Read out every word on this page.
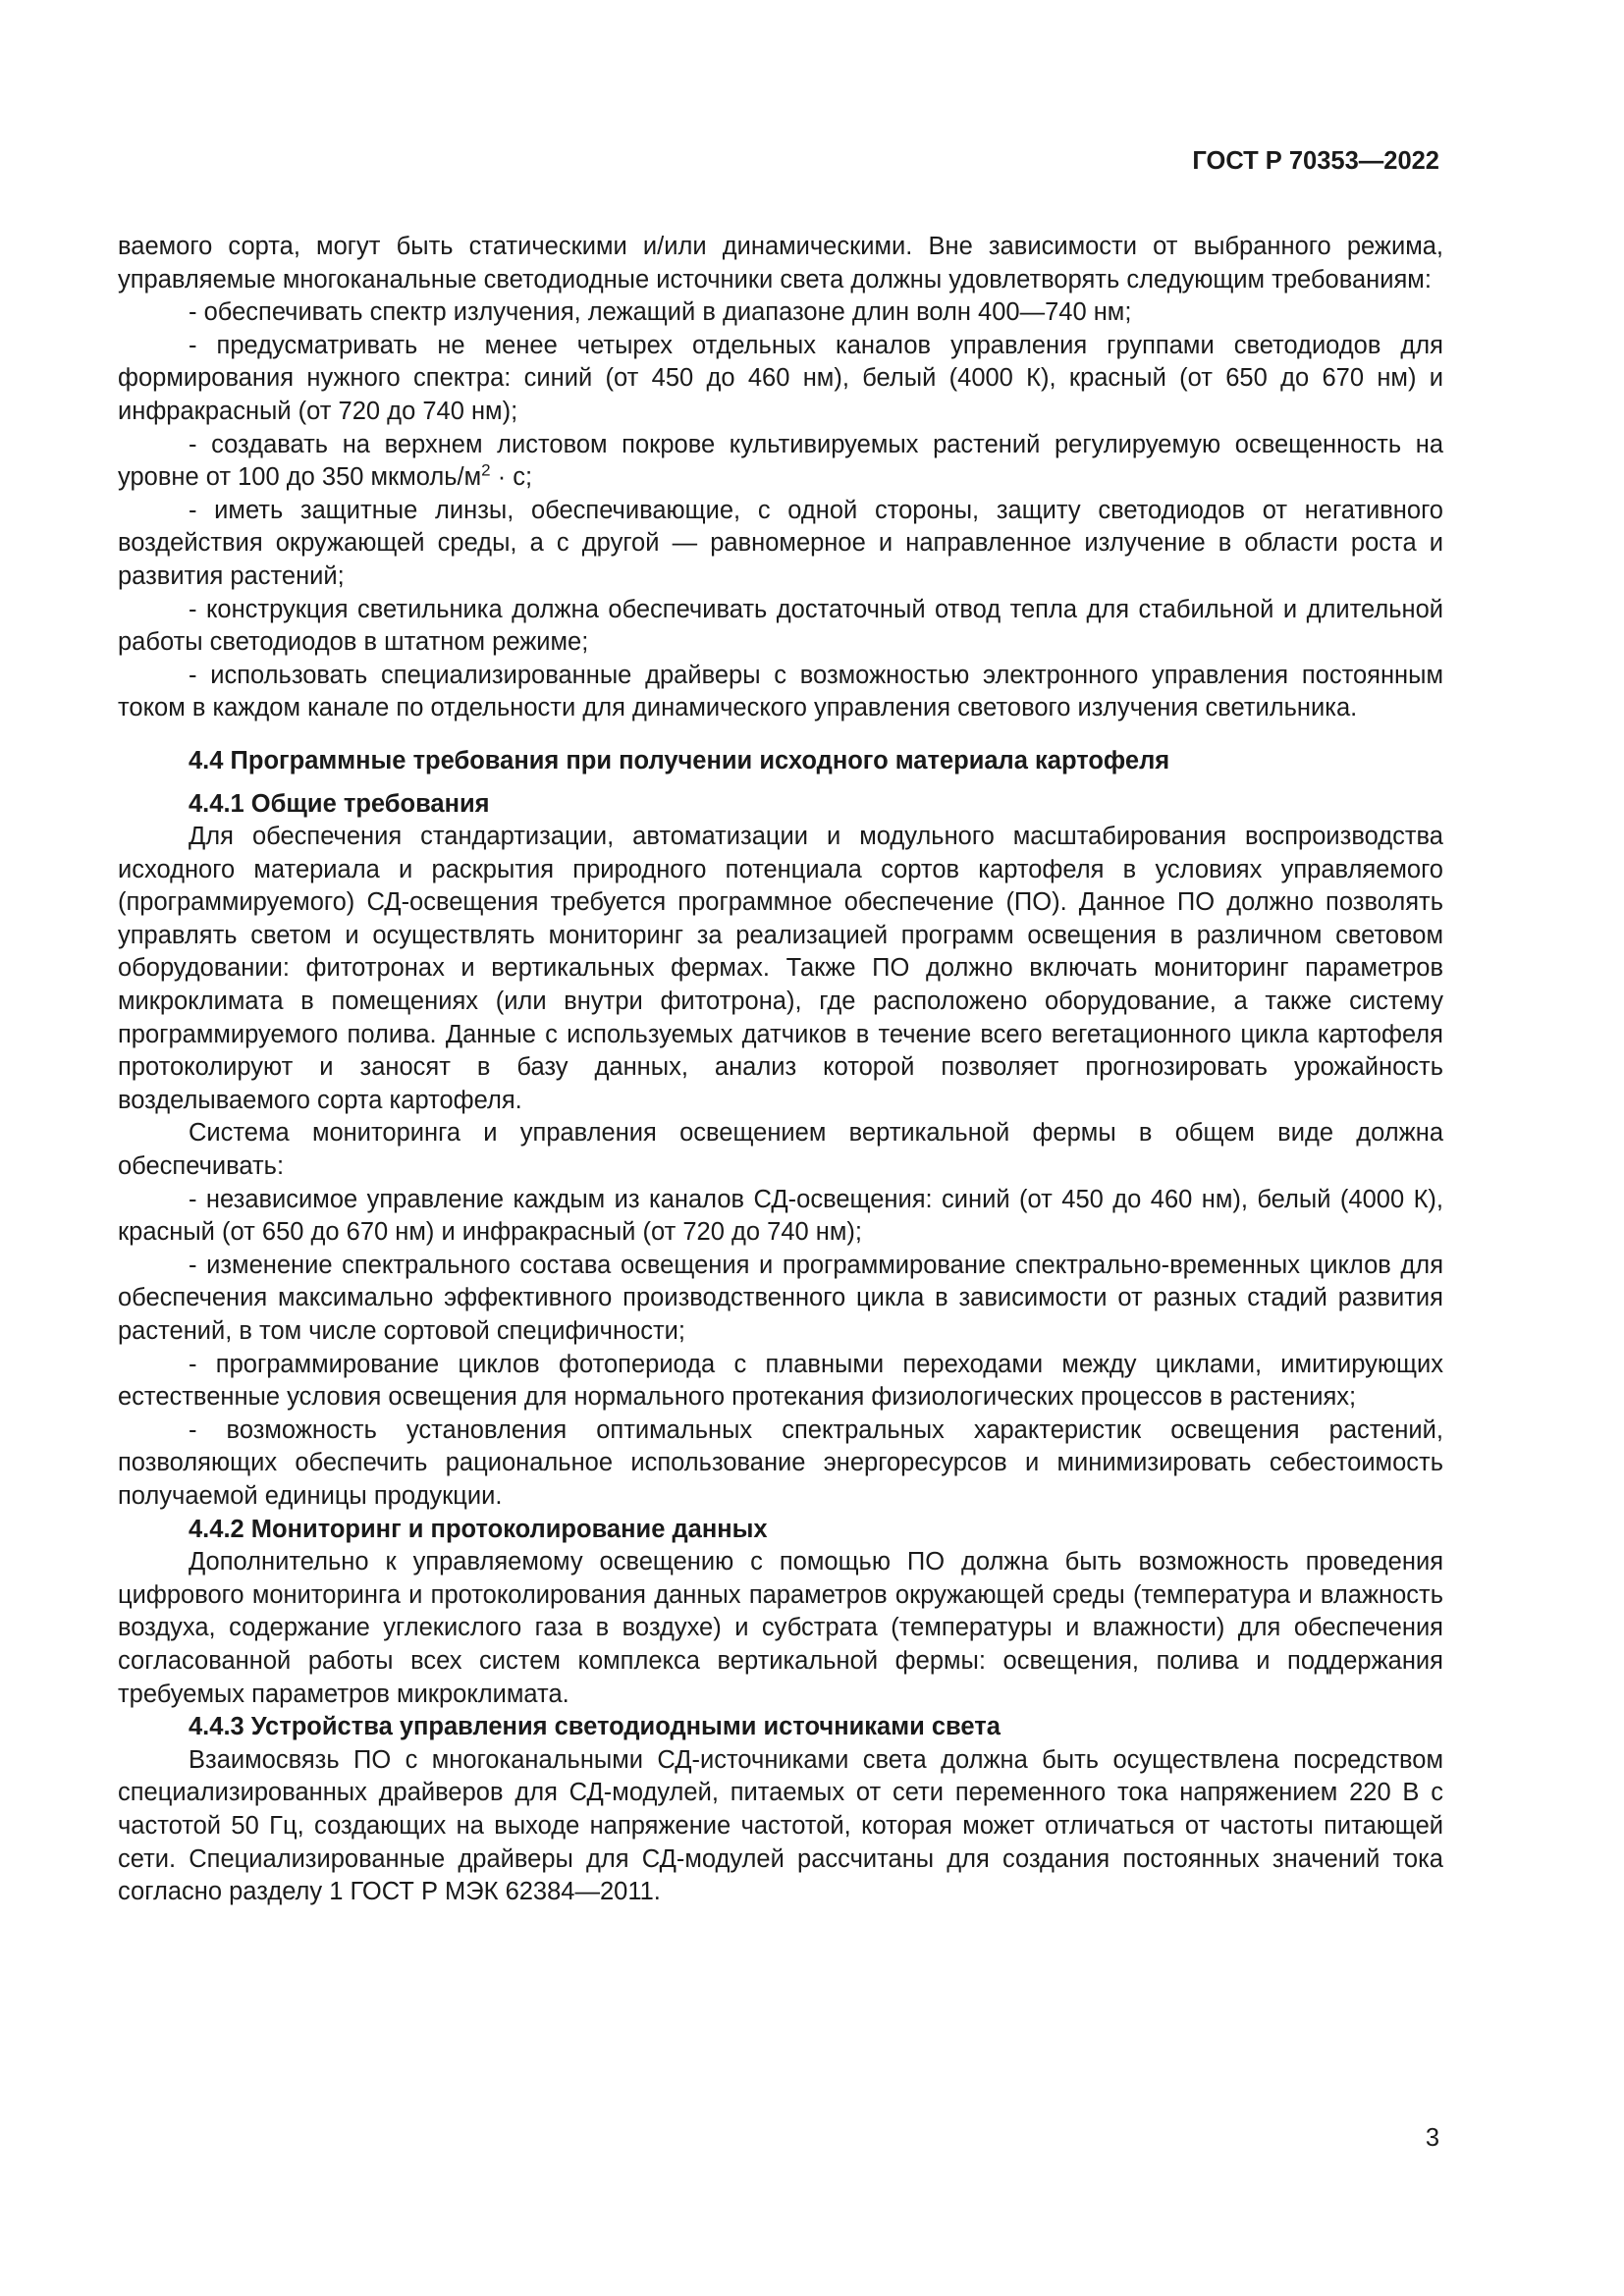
ГОСТ Р 70353—2022

ваемого сорта, могут быть статическими и/или динамическими. Вне зависимости от выбранного режима, управляемые многоканальные светодиодные источники света должны удовлетворять следующим требованиям:

- обеспечивать спектр излучения, лежащий в диапазоне длин волн 400—740 нм;

- предусматривать не менее четырех отдельных каналов управления группами светодиодов для формирования нужного спектра: синий (от 450 до 460 нм), белый (4000 К), красный (от 650 до 670 нм) и инфракрасный (от 720 до 740 нм);

- создавать на верхнем листовом покрове культивируемых растений регулируемую освещенность на уровне от 100 до 350 мкмоль/$м^2 \cdot с$;

- иметь защитные линзы, обеспечивающие, с одной стороны, защиту светодиодов от негативного воздействия окружающей среды, а с другой — равномерное и направленное излучение в области роста и развития растений;

- конструкция светильника должна обеспечивать достаточный отвод тепла для стабильной и длительной работы светодиодов в штатном режиме;

- использовать специализированные драйверы с возможностью электронного управления постоянным током в каждом канале по отдельности для динамического управления светового излучения светильника.

4.4 Программные требования при получении исходного материала картофеля

4.4.1 Общие требования

Для обеспечения стандартизации, автоматизации и модульного масштабирования воспроизводства исходного материала и раскрытия природного потенциала сортов картофеля в условиях управляемого (программируемого) СД-освещения требуется программное обеспечение (ПО). Данное ПО должно позволять управлять светом и осуществлять мониторинг за реализацией программ освещения в различном световом оборудовании: фитотронах и вертикальных фермах. Также ПО должно включать мониторинг параметров микроклимата в помещениях (или внутри фитотрона), где расположено оборудование, а также систему программируемого полива. Данные с используемых датчиков в течение всего вегетационного цикла картофеля протоколируют и заносят в базу данных, анализ которой позволяет прогнозировать урожайность возделываемого сорта картофеля.

Система мониторинга и управления освещением вертикальной фермы в общем виде должна обеспечивать:

- независимое управление каждым из каналов СД-освещения: синий (от 450 до 460 нм), белый (4000 К), красный (от 650 до 670 нм) и инфракрасный (от 720 до 740 нм);

- изменение спектрального состава освещения и программирование спектрально-временных циклов для обеспечения максимально эффективного производственного цикла в зависимости от разных стадий развития растений, в том числе сортовой специфичности;

- программирование циклов фотопериода с плавными переходами между циклами, имитирующих естественные условия освещения для нормального протекания физиологических процессов в растениях;

- возможность установления оптимальных спектральных характеристик освещения растений, позволяющих обеспечить рациональное использование энергоресурсов и минимизировать себестоимость получаемой единицы продукции.

4.4.2 Мониторинг и протоколирование данных

Дополнительно к управляемому освещению с помощью ПО должна быть возможность проведения цифрового мониторинга и протоколирования данных параметров окружающей среды (температура и влажность воздуха, содержание углекислого газа в воздухе) и субстрата (температуры и влажности) для обеспечения согласованной работы всех систем комплекса вертикальной фермы: освещения, полива и поддержания требуемых параметров микроклимата.

4.4.3 Устройства управления светодиодными источниками света

Взаимосвязь ПО с многоканальными СД-источниками света должна быть осуществлена посредством специализированных драйверов для СД-модулей, питаемых от сети переменного тока напряжением 220 В с частотой 50 Гц, создающих на выходе напряжение частотой, которая может отличаться от частоты питающей сети. Специализированные драйверы для СД-модулей рассчитаны для создания постоянных значений тока согласно разделу 1 ГОСТ Р МЭК 62384—2011.

3
